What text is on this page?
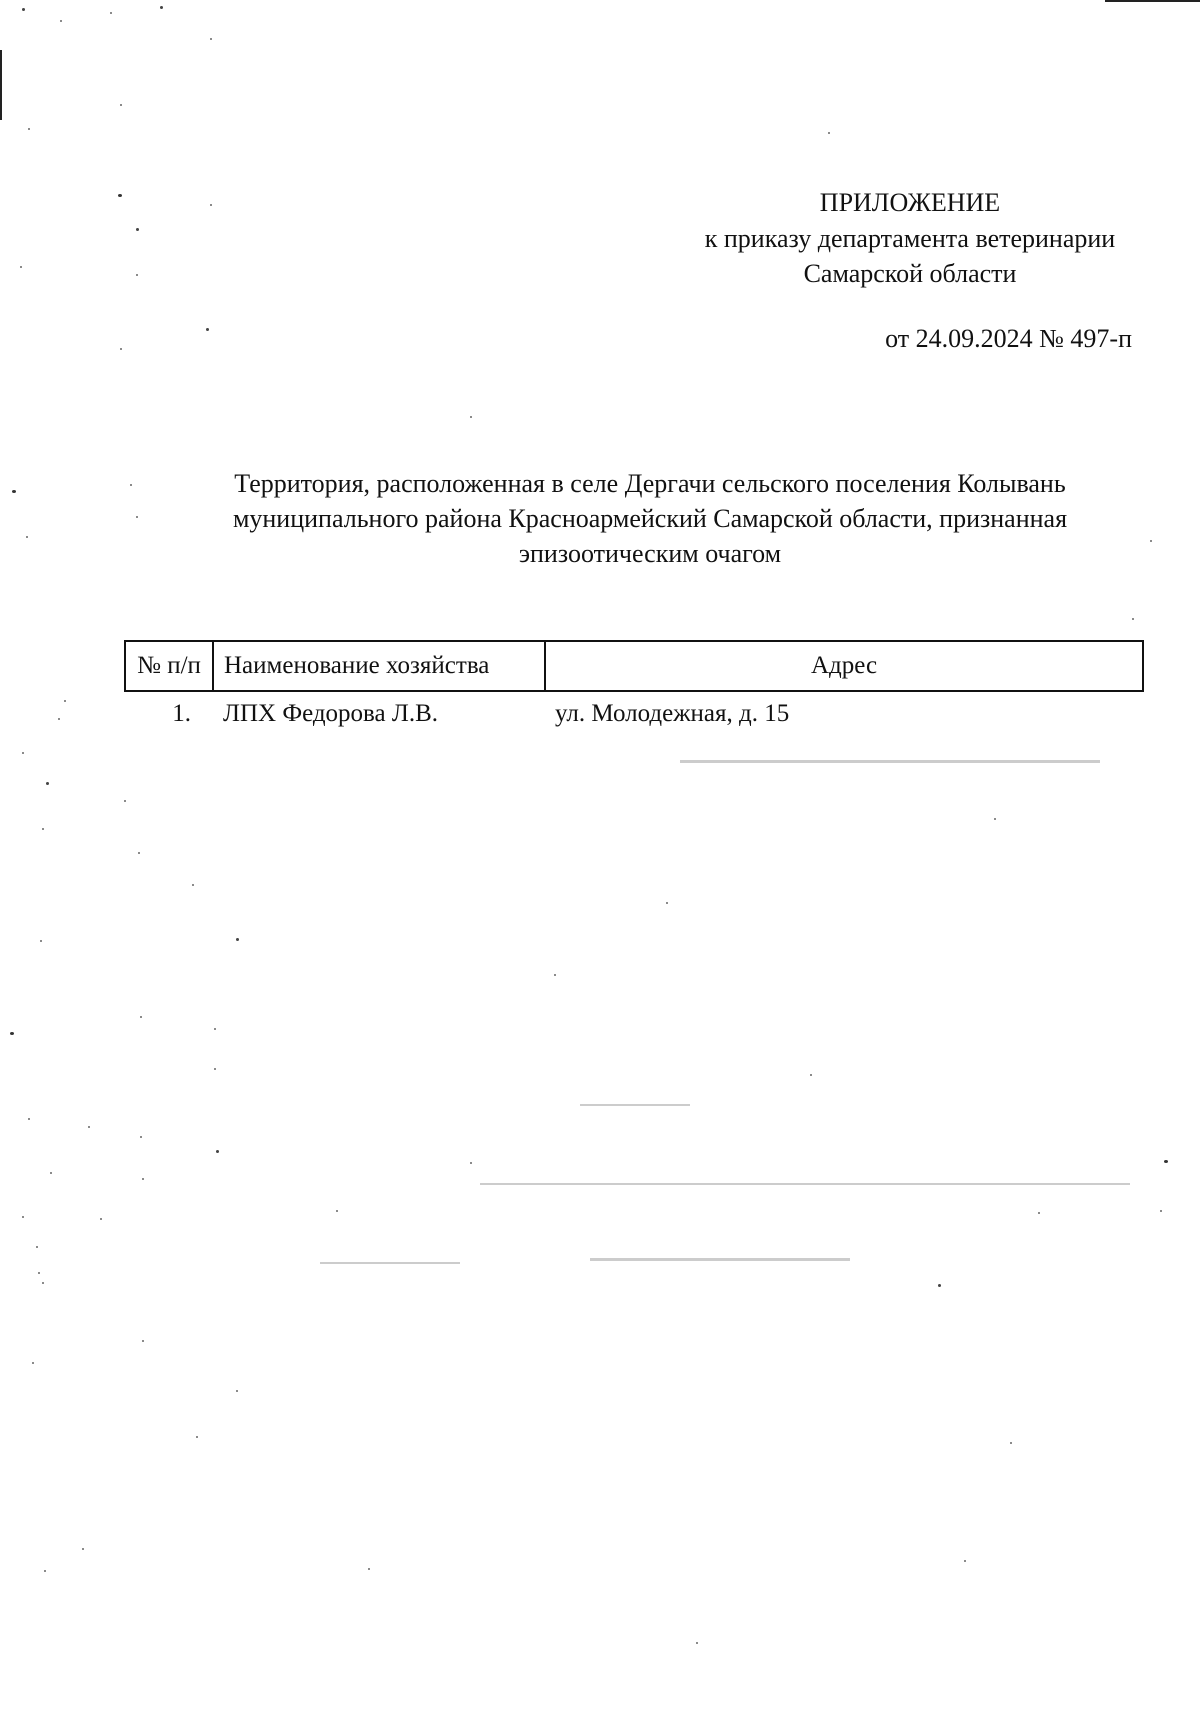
ПРИЛОЖЕНИЕ
к приказу департамента ветеринарии
Самарской области
от 24.09.2024 № 497-п
Территория, расположенная в селе Дергачи сельского поселения Колывань муниципального района Красноармейский Самарской области, признанная эпизоотическим очагом
№ п/п	Наименование хозяйства	Адрес
1.	ЛПХ Федорова Л.В.	ул. Молодежная, д. 15
